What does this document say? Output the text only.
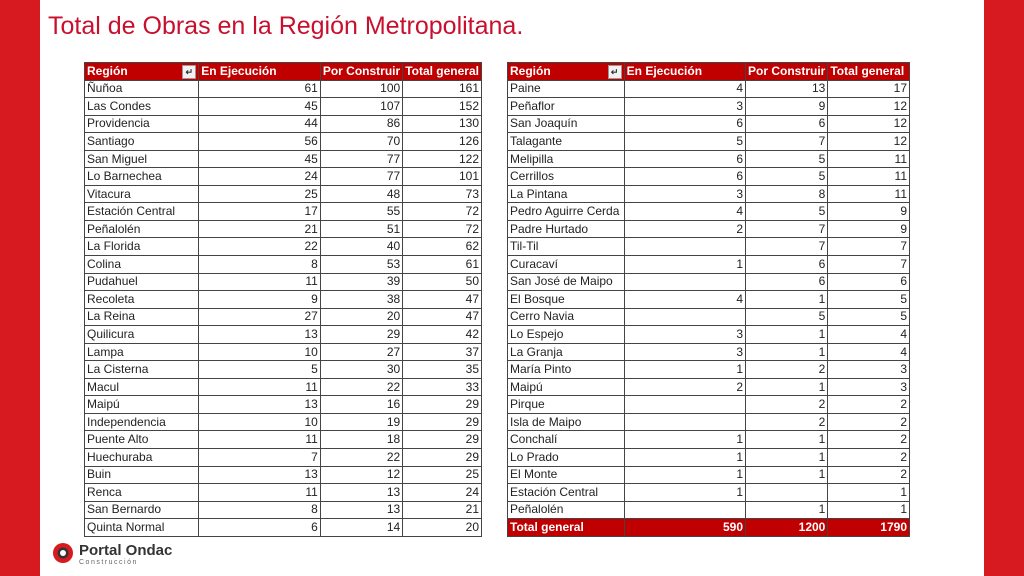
Total de Obras en la Región Metropolitana.
Región ↵	En Ejecución	Por Construir	Total general
Ñuñoa	61	100	161
Las Condes	45	107	152
Providencia	44	86	130
Santiago	56	70	126
San Miguel	45	77	122
Lo Barnechea	24	77	101
Vitacura	25	48	73
Estación Central	17	55	72
Peñalolén	21	51	72
La Florida	22	40	62
Colina	8	53	61
Pudahuel	11	39	50
Recoleta	9	38	47
La Reina	27	20	47
Quilicura	13	29	42
Lampa	10	27	37
La Cisterna	5	30	35
Macul	11	22	33
Maipú	13	16	29
Independencia	10	19	29
Puente Alto	11	18	29
Huechuraba	7	22	29
Buin	13	12	25
Renca	11	13	24
San Bernardo	8	13	21
Quinta Normal	6	14	20
Región ↵	En Ejecución	Por Construir	Total general
Paine	4	13	17
Peñaflor	3	9	12
San Joaquín	6	6	12
Talagante	5	7	12
Melipilla	6	5	11
Cerrillos	6	5	11
La Pintana	3	8	11
Pedro Aguirre Cerda	4	5	9
Padre Hurtado	2	7	9
Til-Til		7	7
Curacaví	1	6	7
San José de Maipo		6	6
El Bosque	4	1	5
Cerro Navia		5	5
Lo Espejo	3	1	4
La Granja	3	1	4
María Pinto	1	2	3
Maipú	2	1	3
Pirque		2	2
Isla de Maipo		2	2
Conchalí	1	1	2
Lo Prado	1	1	2
El Monte	1	1	2
Estación Central	1		1
Peñalolén		1	1
Total general	590	1200	1790
Portal Ondac
Construcción
